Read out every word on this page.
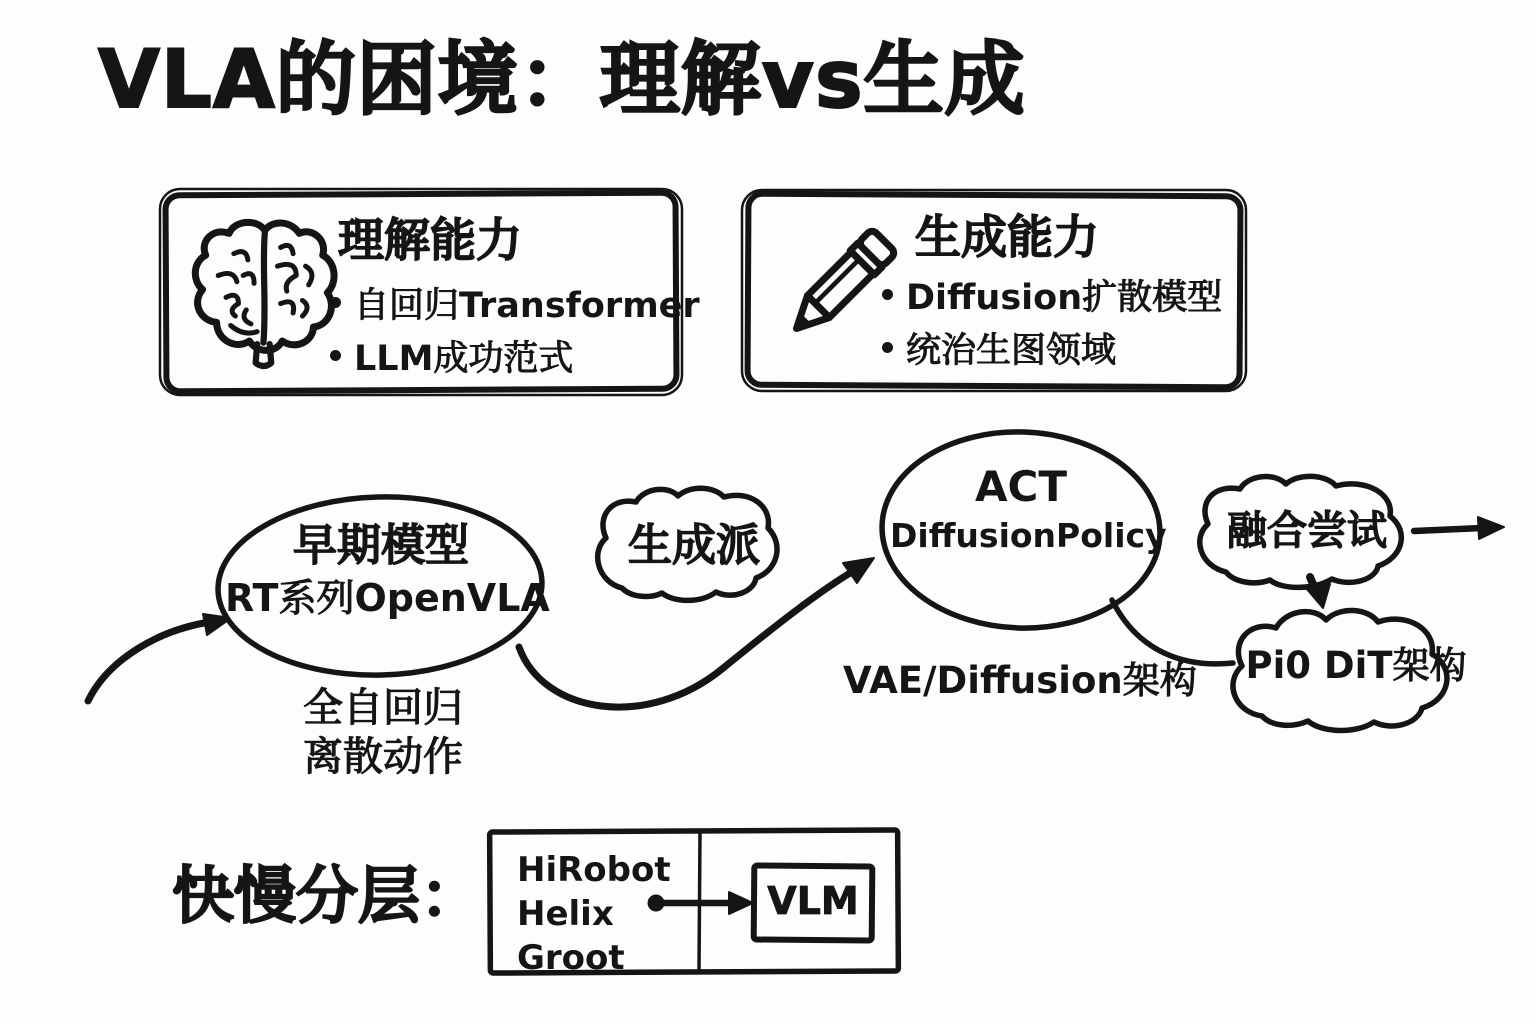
VLA的困境：理解vs生成
理解能力
自回归Transformer
LLM成功范式
生成能力
Diffusion扩散模型
统治生图领域
早期模型
RT系列OpenVLA
全自回归
离散动作
生成派
ACT
DiffusionPolicy
VAE/Diffusion架构
融合尝试
Pi0 DiT架构
快慢分层： HiRobot
Helix
Groot
VLM
